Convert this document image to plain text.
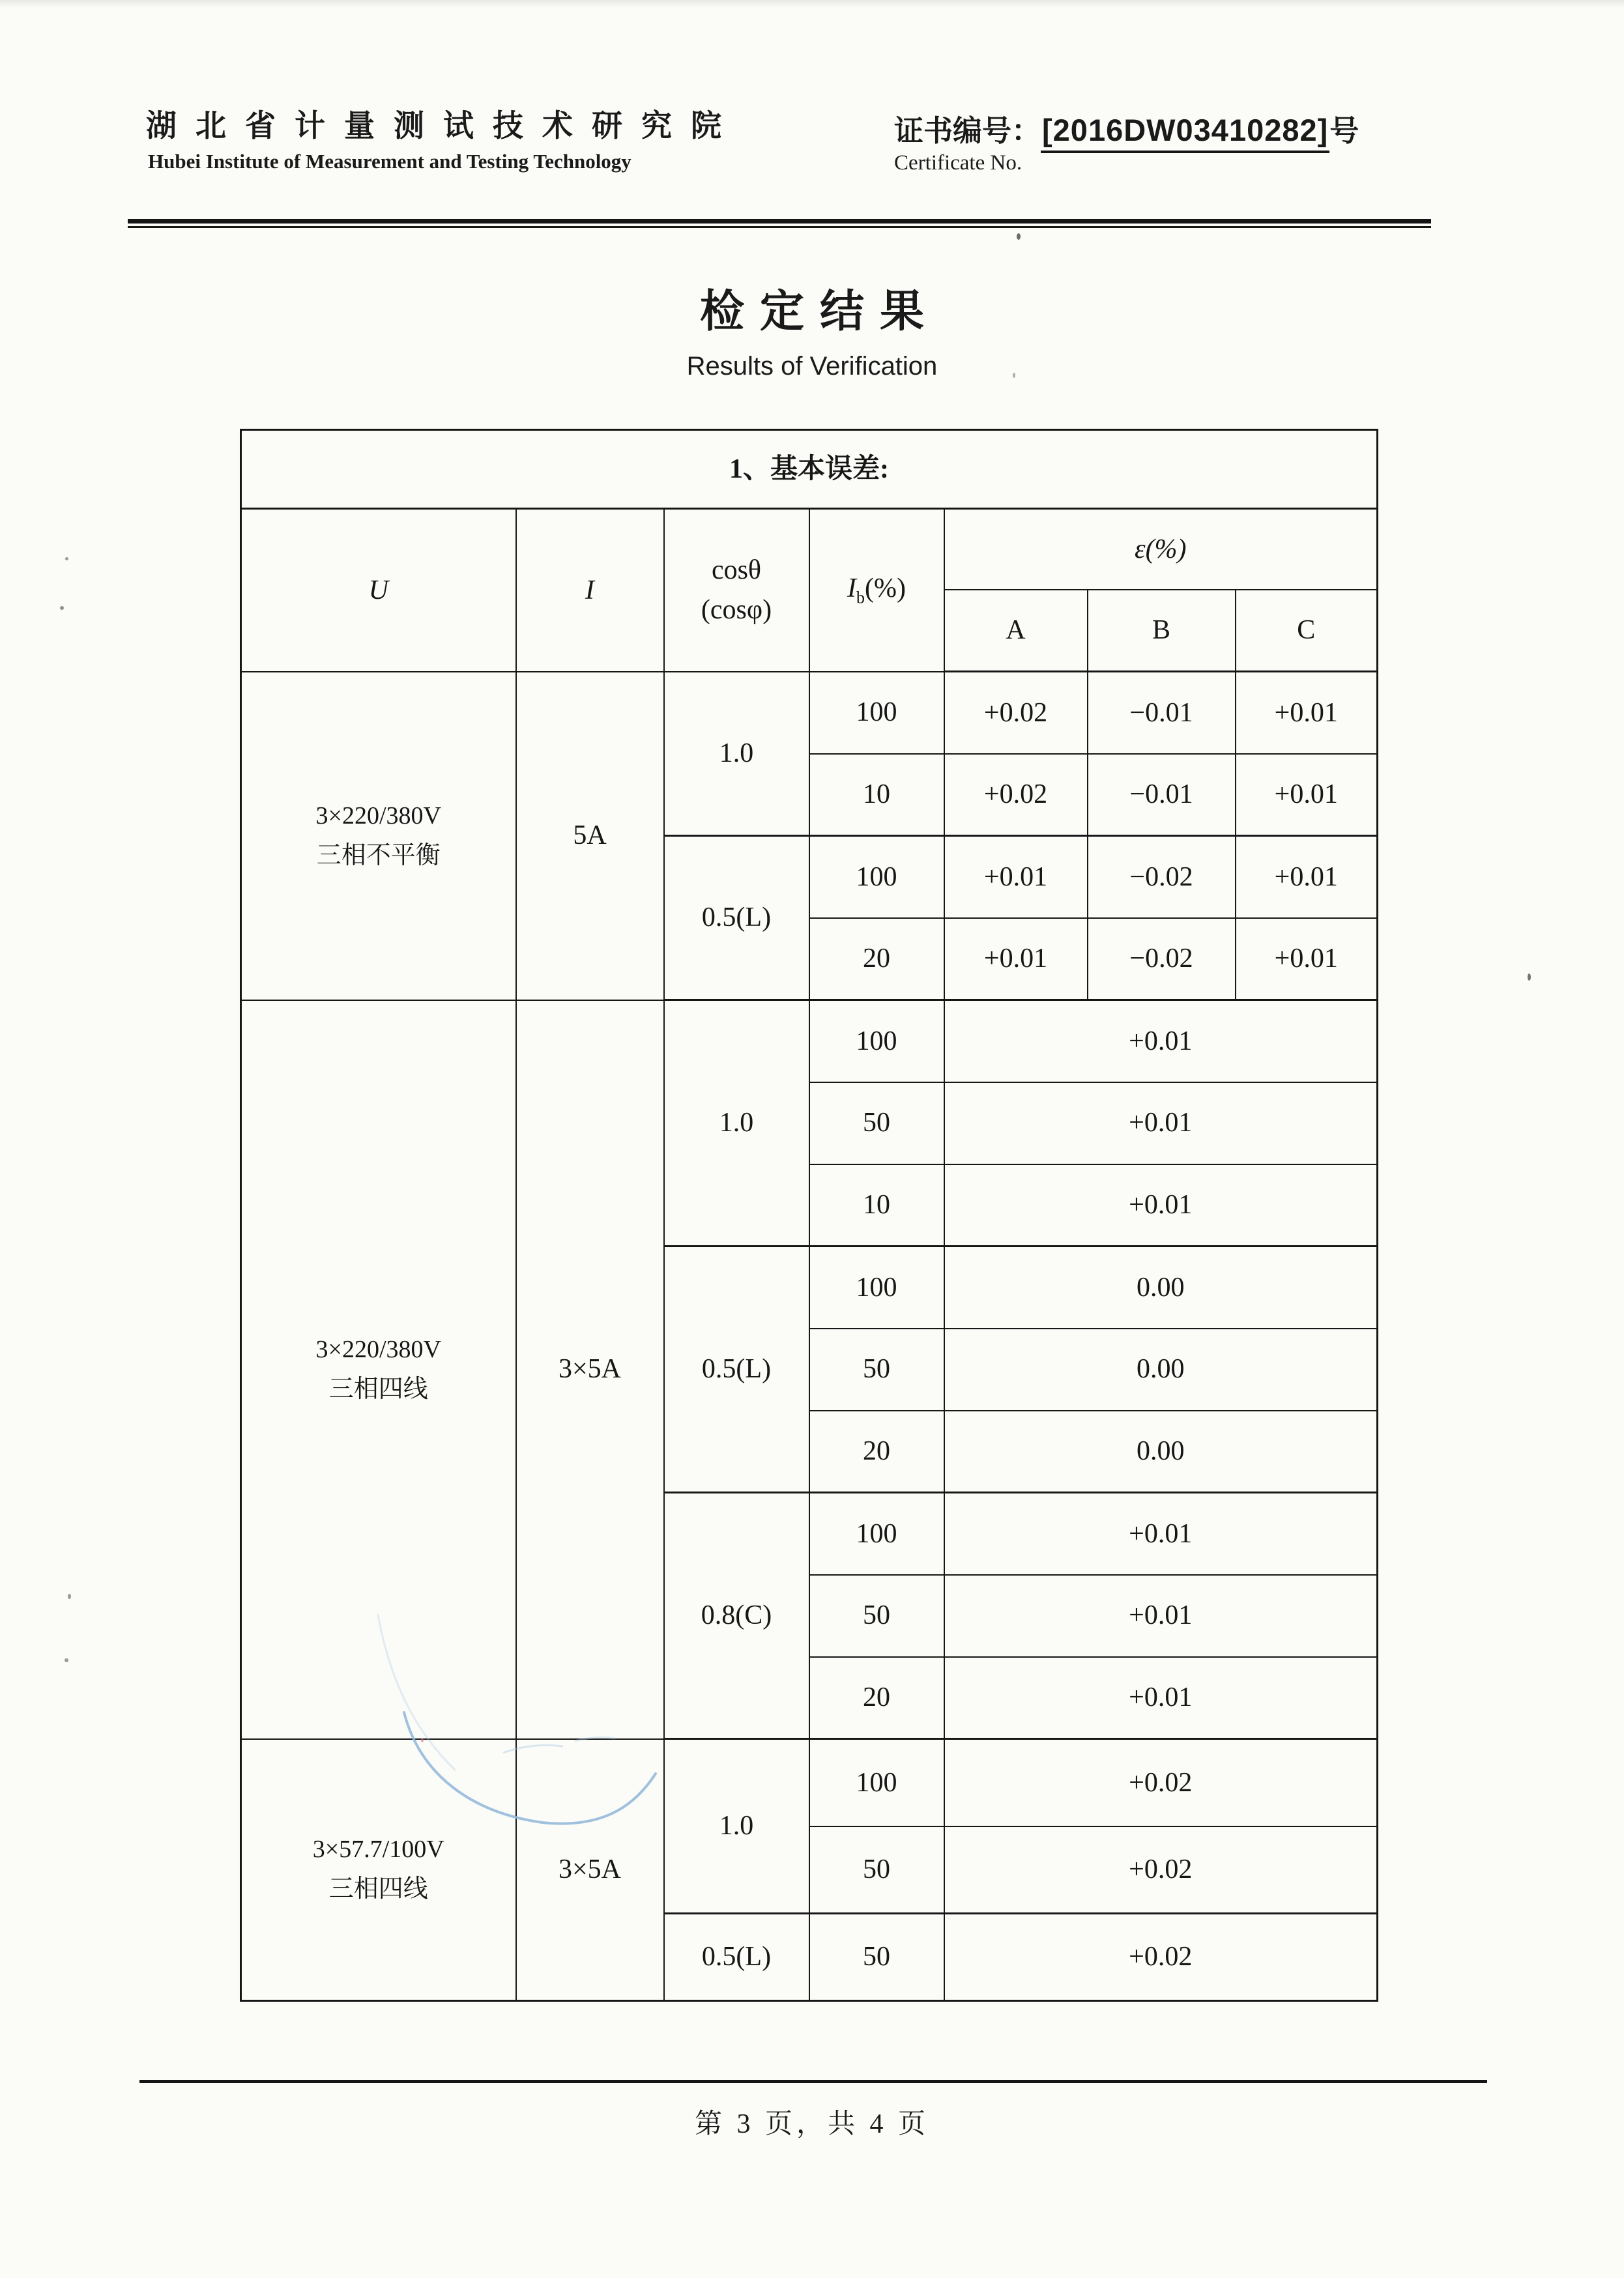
湖北省计量测试技术研究院
Hubei Institute of Measurement and Testing Technology
证书编号：[2016DW03410282]号
Certificate No.
检定结果
Results of Verification
1、基本误差:						
U	I	cosθ
(cosφ)	$I_b(\%)$	ε(%)		
				A	B	C

3×220/380V
三相不平衡	5A	1.0	100	+0.02	−0.01	+0.01
			10	+0.02	−0.01	+0.01
		0.5(L)	100	+0.01	−0.02	+0.01
			20	+0.01	−0.02	+0.01

3×220/380V
三相四线	3×5A	1.0	100	+0.01		
			50	+0.01		
			10	+0.01		
		0.5(L)	100	0.00		
			50	0.00		
			20	0.00		
		0.8(C)	100	+0.01		
			50	+0.01		
			20	+0.01		

3×57.7/100V
三相四线	3×5A	1.0	100	+0.02		
			50	+0.02		
		0.5(L)	50	+0.02		
第 3 页，共 4 页
